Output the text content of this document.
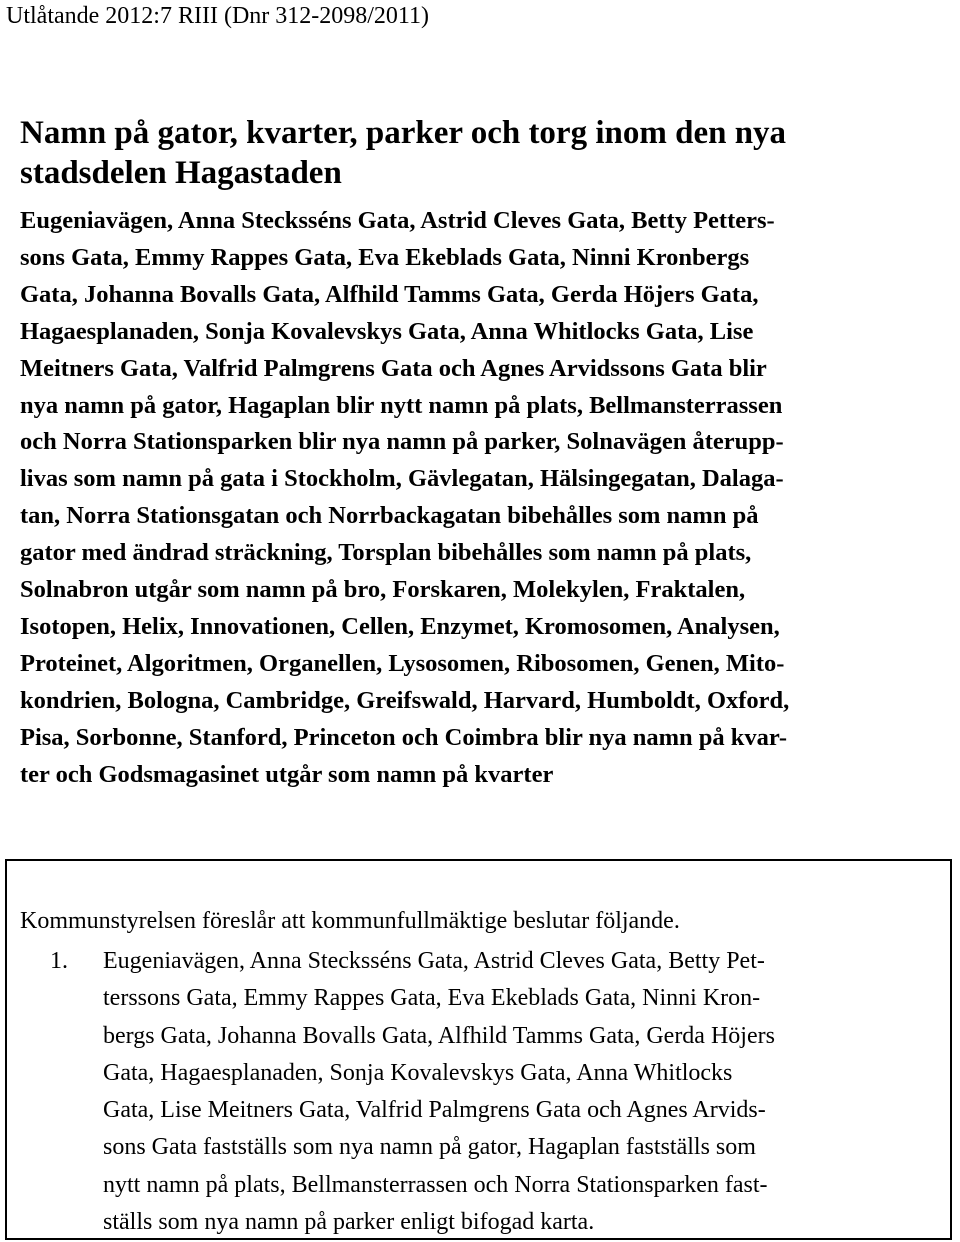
Utlåtande 2012:7 RIII (Dnr 312-2098/2011)
Namn på gator, kvarter, parker och torg inom den nya
stadsdelen Hagastaden
Eugeniavägen, Anna Stecksséns Gata, Astrid Cleves Gata, Betty Petters-
sons Gata, Emmy Rappes Gata, Eva Ekeblads Gata, Ninni Kronbergs
Gata, Johanna Bovalls Gata, Alfhild Tamms Gata, Gerda Höjers Gata,
Hagaesplanaden, Sonja Kovalevskys Gata, Anna Whitlocks Gata, Lise
Meitners Gata, Valfrid Palmgrens Gata och Agnes Arvidssons Gata blir
nya namn på gator, Hagaplan blir nytt namn på plats, Bellmansterrassen
och Norra Stationsparken blir nya namn på parker, Solnavägen återupp-
livas som namn på gata i Stockholm, Gävlegatan, Hälsingegatan, Dalaga-
tan, Norra Stationsgatan och Norrbackagatan bibehålles som namn på
gator med ändrad sträckning, Torsplan bibehålles som namn på plats,
Solnabron utgår som namn på bro, Forskaren, Molekylen, Fraktalen,
Isotopen, Helix, Innovationen, Cellen, Enzymet, Kromosomen, Analysen,
Proteinet, Algoritmen, Organellen, Lysosomen, Ribosomen, Genen, Mito-
kondrien, Bologna, Cambridge, Greifswald, Harvard, Humboldt, Oxford,
Pisa, Sorbonne, Stanford, Princeton och Coimbra blir nya namn på kvar-
ter och Godsmagasinet utgår som namn på kvarter
Kommunstyrelsen föreslår att kommunfullmäktige beslutar följande.
1. Eugeniavägen, Anna Stecksséns Gata, Astrid Cleves Gata, Betty Pet-
terssons Gata, Emmy Rappes Gata, Eva Ekeblads Gata, Ninni Kron-
bergs Gata, Johanna Bovalls Gata, Alfhild Tamms Gata, Gerda Höjers
Gata, Hagaesplanaden, Sonja Kovalevskys Gata, Anna Whitlocks
Gata, Lise Meitners Gata, Valfrid Palmgrens Gata och Agnes Arvids-
sons Gata fastställs som nya namn på gator, Hagaplan fastställs som
nytt namn på plats, Bellmansterrassen och Norra Stationsparken fast-
ställs som nya namn på parker enligt bifogad karta.
